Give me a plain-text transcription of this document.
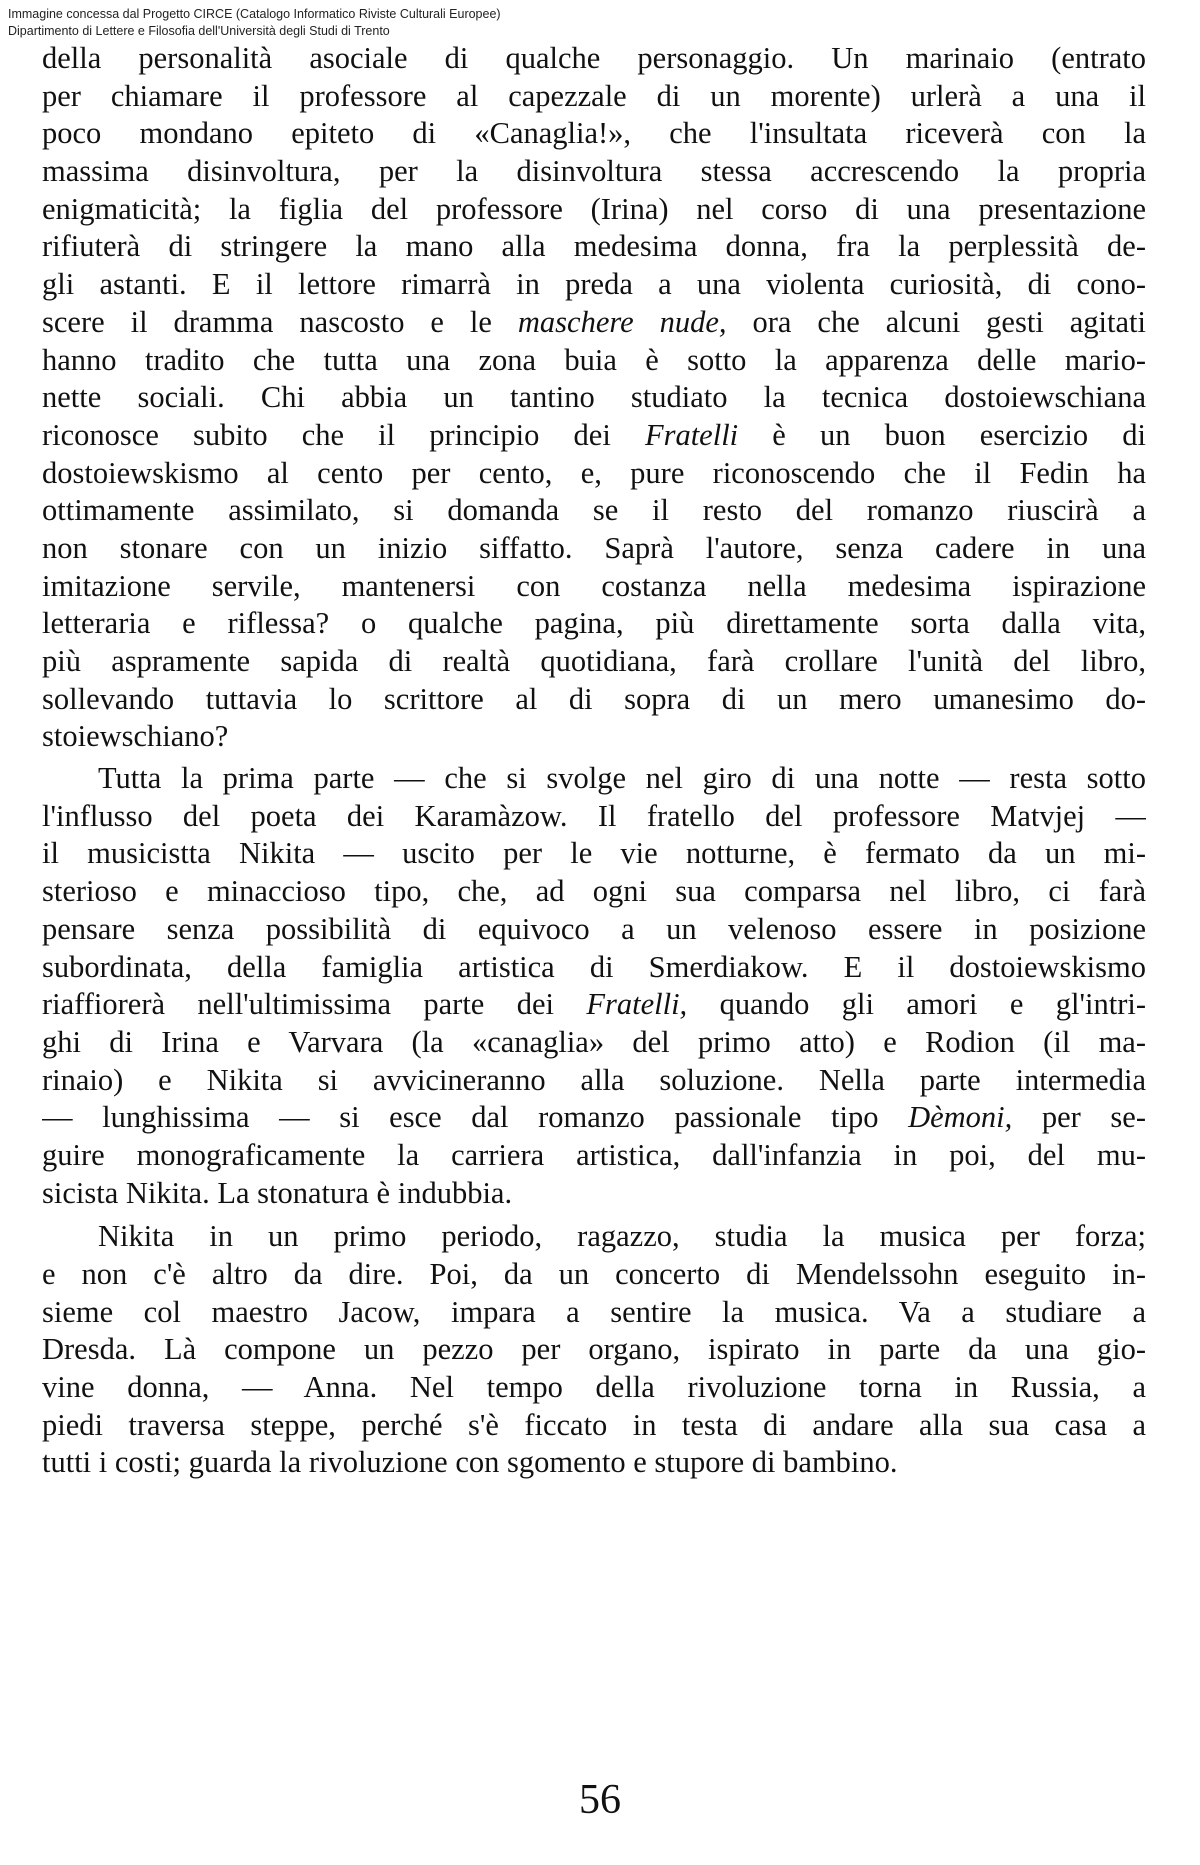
Immagine concessa dal Progetto CIRCE (Catalogo Informatico Riviste Culturali Europee)
Dipartimento di Lettere e Filosofia dell'Università degli Studi di Trento
della personalità asociale di qualche personaggio. Un marinaio (entrato
per chiamare il professore al capezzale di un morente) urlerà a una il
poco mondano epiteto di «Canaglia!», che l'insultata riceverà con la
massima disinvoltura, per la disinvoltura stessa accrescendo la propria
enigmaticità; la figlia del professore (Irina) nel corso di una presentazione
rifiuterà di stringere la mano alla medesima donna, fra la perplessità de-
gli astanti. E il lettore rimarrà in preda a una violenta curiosità, di cono-
scere il dramma nascosto e le maschere nude, ora che alcuni gesti agitati
hanno tradito che tutta una zona buia è sotto la apparenza delle mario-
nette sociali. Chi abbia un tantino studiato la tecnica dostoiewschiana
riconosce subito che il principio dei Fratelli è un buon esercizio di
dostoiewskismo al cento per cento, e, pure riconoscendo che il Fedin ha
ottimamente assimilato, si domanda se il resto del romanzo riuscirà a
non stonare con un inizio siffatto. Saprà l'autore, senza cadere in una
imitazione servile, mantenersi con costanza nella medesima ispirazione
letteraria e riflessa? o qualche pagina, più direttamente sorta dalla vita,
più aspramente sapida di realtà quotidiana, farà crollare l'unità del libro,
sollevando tuttavia lo scrittore al di sopra di un mero umanesimo do-
stoiewschiano?
Tutta la prima parte — che si svolge nel giro di una notte — resta sotto
l'influsso del poeta dei Karamàzow. Il fratello del professore Matvjej —
il musicistta Nikita — uscito per le vie notturne, è fermato da un mi-
sterioso e minaccioso tipo, che, ad ogni sua comparsa nel libro, ci farà
pensare senza possibilità di equivoco a un velenoso essere in posizione
subordinata, della famiglia artistica di Smerdiakow. E il dostoiewskismo
riaffiorerà nell'ultimissima parte dei Fratelli, quando gli amori e gl'intri-
ghi di Irina e Varvara (la «canaglia» del primo atto) e Rodion (il ma-
rinaio) e Nikita si avvicineranno alla soluzione. Nella parte intermedia
— lunghissima — si esce dal romanzo passionale tipo Dèmoni, per se-
guire monograficamente la carriera artistica, dall'infanzia in poi, del mu-
sicista Nikita. La stonatura è indubbia.
Nikita in un primo periodo, ragazzo, studia la musica per forza;
e non c'è altro da dire. Poi, da un concerto di Mendelssohn eseguito in-
sieme col maestro Jacow, impara a sentire la musica. Va a studiare a
Dresda. Là compone un pezzo per organo, ispirato in parte da una gio-
vine donna, — Anna. Nel tempo della rivoluzione torna in Russia, a
piedi traversa steppe, perché s'è ficcato in testa di andare alla sua casa a
tutti i costi; guarda la rivoluzione con sgomento e stupore di bambino.
56
